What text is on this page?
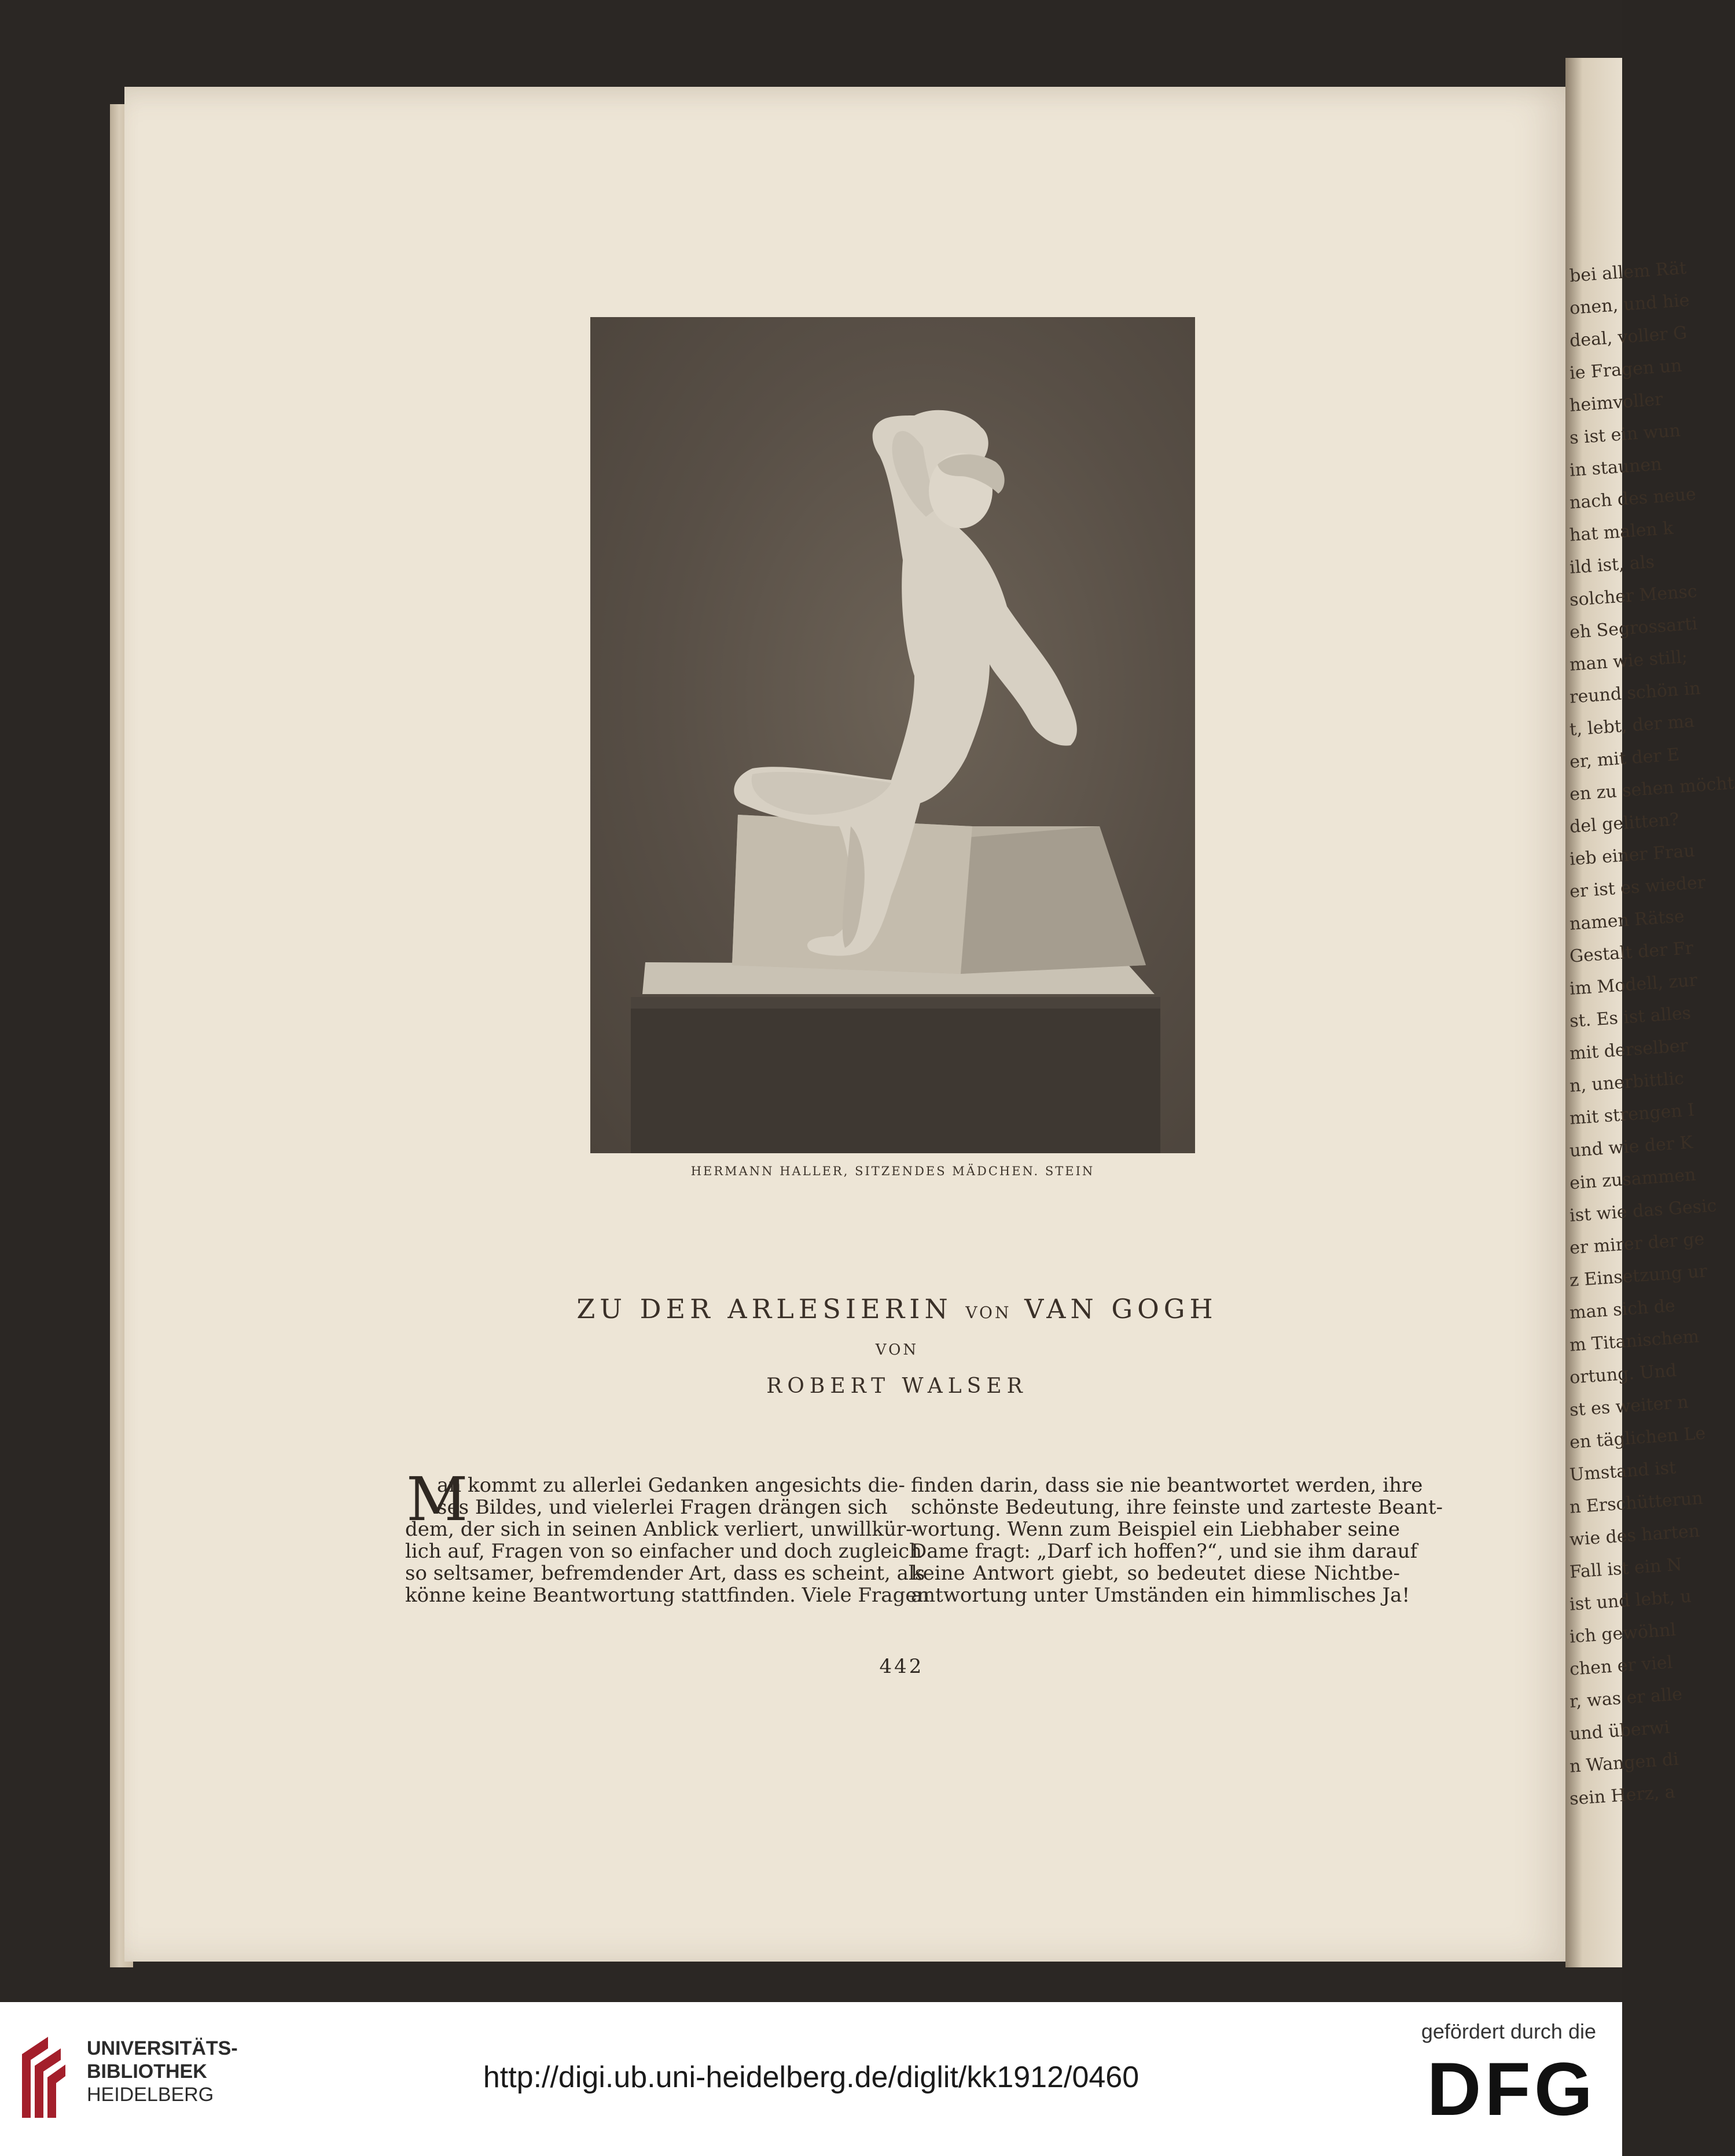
bei allem Rät
onen, und hie
deal, voller G
ie Fragen un
heimvoller
s ist ein wun
in staunen
nach des neue
hat malen k
ild ist, als
solcher Mensc
eh Segrossarti
man wie still;
reund schön in
t, lebt, der ma
er, mit der E
en zu sehen möcht
del gelitten?
ieb einer Frau
er ist es wieder
namen Rätse
Gestalt der Fr
im Modell, zur
st. Es ist alles
mit derselber
n, unerbittlic
mit strengen I
und wie der K
ein zusammen
ist wie das Gesic
er mirer der ge
z Einsetzung ur
man sich de
m Titanischem
ortung. Und
st es weiter n
en täglichen Le
Umstand ist
n Erschütterun
wie des harten
Fall ist ein N
ist und lebt, u
ich gewöhnl
chen er viel
r, was er alle
und überwi
n Wangen di
sein Herz, a
HERMANN HALLER, SITZENDES MÄDCHEN. STEIN
ZU DER ARLESIERIN VON VAN GOGH
VON
ROBERT WALSER
M
an kommt zu allerlei Gedanken angesichts die-
ses Bildes, und vielerlei Fragen drängen sich
dem, der sich in seinen Anblick verliert, unwillkür-
lich auf, Fragen von so einfacher und doch zugleich
so seltsamer, befremdender Art, dass es scheint, als
könne keine Beantwortung stattfinden. Viele Fragen
finden darin, dass sie nie beantwortet werden, ihre
schönste Bedeutung, ihre feinste und zarteste Beant-
wortung. Wenn zum Beispiel ein Liebhaber seine
Dame fragt: „Darf ich hoffen?“, und sie ihm darauf
keine Antwort giebt, so bedeutet diese Nichtbe-
antwortung unter Umständen ein himmlisches Ja!
442
UNIVERSITÄTS-
BIBLIOTHEK
HEIDELBERG
http://digi.ub.uni-heidelberg.de/diglit/kk1912/0460
gefördert durch die
DFG
